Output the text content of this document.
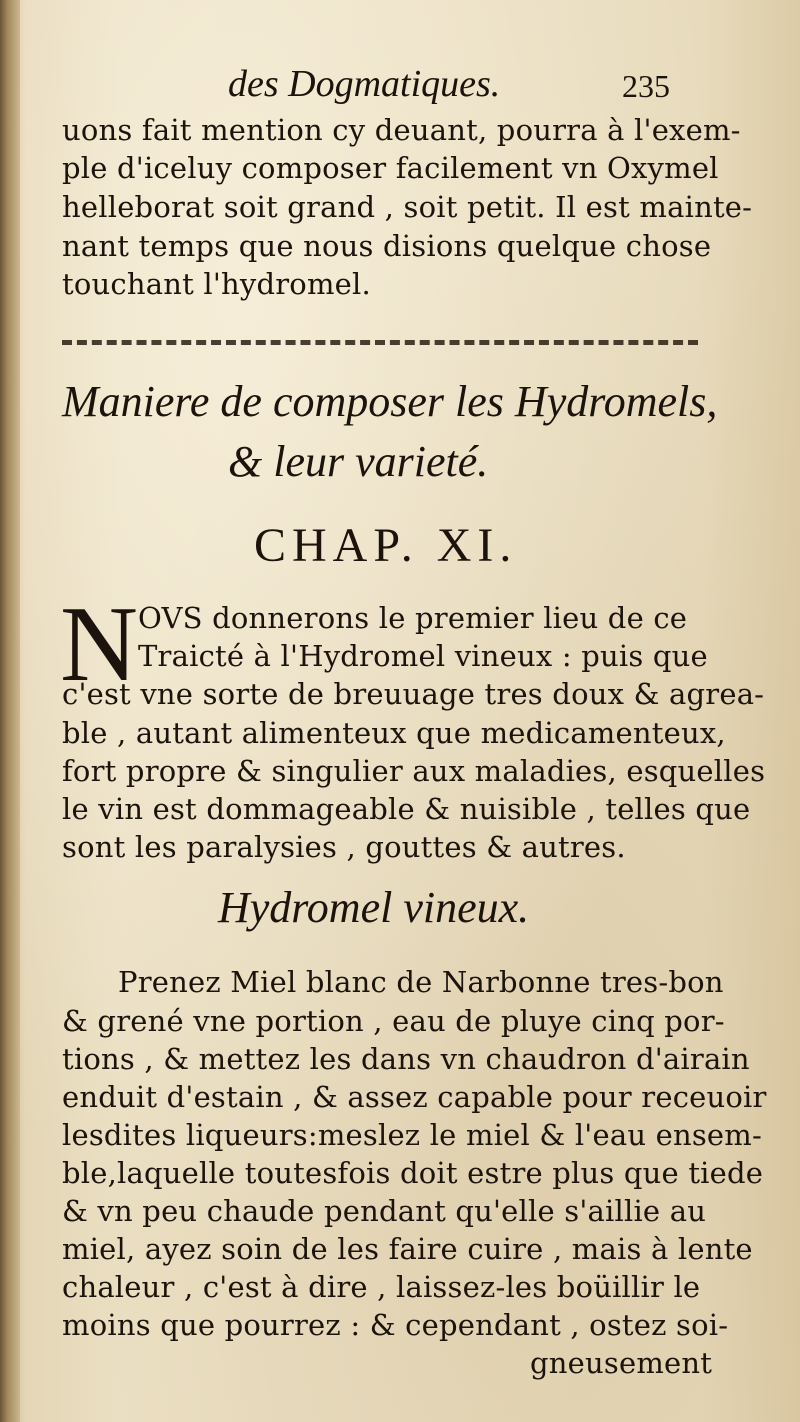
des Dogmatiques.	235
uons fait mention cy deuant, pourra à l'exem-
ple d'iceluy composer facilement vn Oxymel
helleborat soit grand , soit petit. Il est mainte-
nant temps que nous disions quelque chose
touchant l'hydromel.
Maniere de composer les Hydromels,
& leur varieté.
CHAP. XI.
N OVS donnerons le premier lieu de ce
Traicté à l'Hydromel vineux : puis que
c'est vne sorte de breuuage tres doux & agrea-
ble , autant alimenteux que medicamenteux,
fort propre & singulier aux maladies, esquelles
le vin est dommageable & nuisible , telles que
sont les paralysies , gouttes & autres.
Hydromel vineux.
Prenez Miel blanc de Narbonne tres-bon
& grené vne portion , eau de pluye cinq por-
tions , & mettez les dans vn chaudron d'airain
enduit d'estain , & assez capable pour receuoir
lesdites liqueurs:meslez le miel & l'eau ensem-
ble,laquelle toutesfois doit estre plus que tiede
& vn peu chaude pendant qu'elle s'aillie au
miel, ayez soin de les faire cuire , mais à lente
chaleur , c'est à dire , laissez-les boüillir le
moins que pourrez : & cependant , ostez soi-
gneusement
